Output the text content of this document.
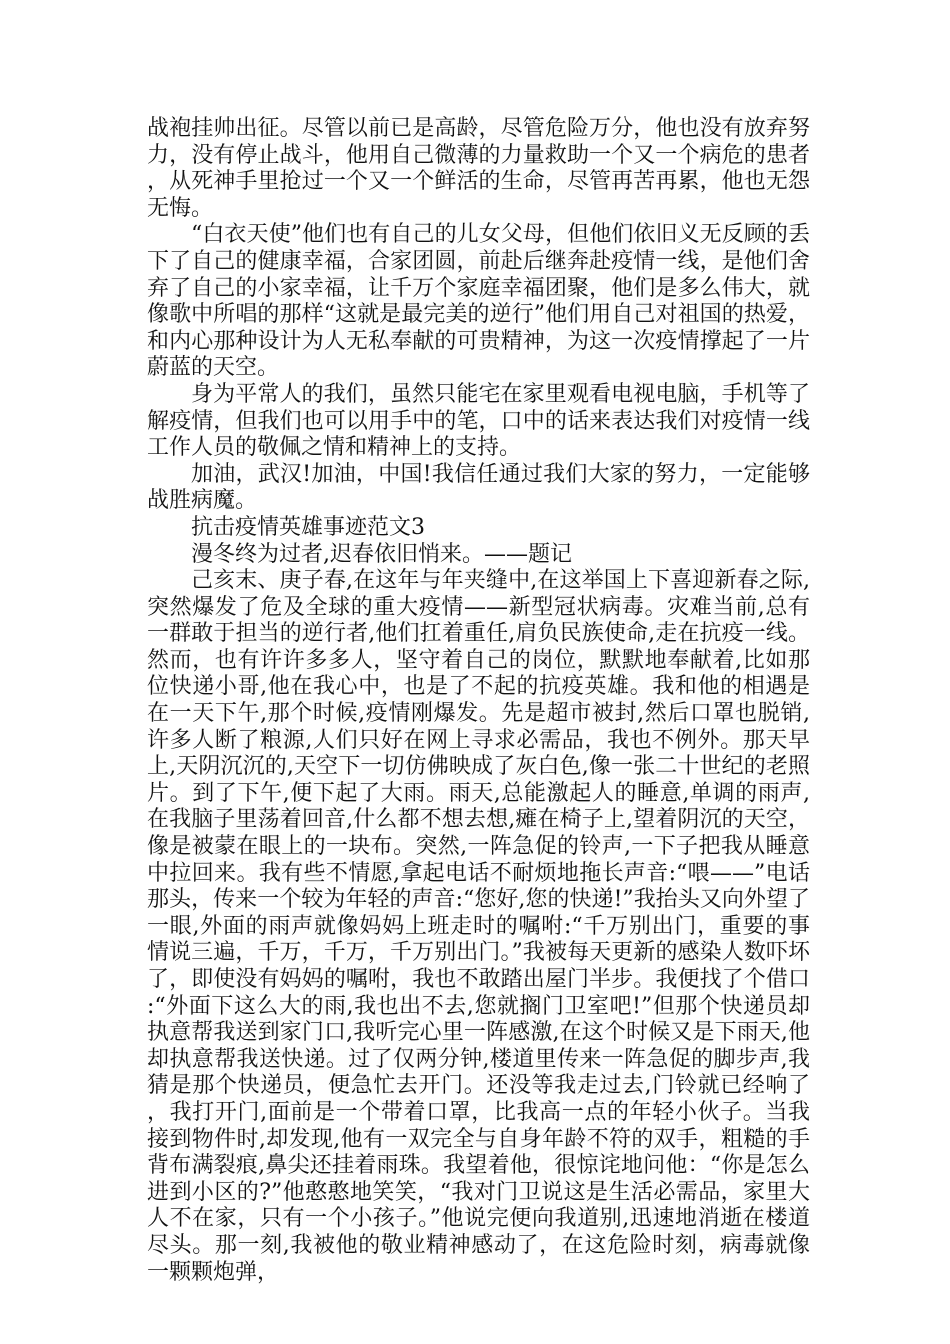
战袍挂帅出征。尽管以前已是高龄，尽管危险万分，他也没有放弃努力，没有停止战斗，他用自己微薄的力量救助一个又一个病危的患者，从死神手里抢过一个又一个鲜活的生命，尽管再苦再累，他也无怨无悔。

“白衣天使”他们也有自己的儿女父母，但他们依旧义无反顾的丢下了自己的健康幸福，合家团圆，前赴后继奔赴疫情一线，是他们舍弃了自己的小家幸福，让千万个家庭幸福团聚，他们是多么伟大，就像歌中所唱的那样“这就是最完美的逆行”他们用自己对祖国的热爱，和内心那种设计为人无私奉献的可贵精神，为这一次疫情撑起了一片蔚蓝的天空。

身为平常人的我们，虽然只能宅在家里观看电视电脑，手机等了解疫情，但我们也可以用手中的笔，口中的话来表达我们对疫情一线工作人员的敬佩之情和精神上的支持。

加油，武汉!加油，中国!我信任通过我们大家的努力，一定能够战胜病魔。

抗击疫情英雄事迹范文3

漫冬终为过者,迟春依旧悄来。——题记

己亥末、庚子春,在这年与年夹缝中,在这举国上下喜迎新春之际,突然爆发了危及全球的重大疫情——新型冠状病毒。灾难当前,总有一群敢于担当的逆行者,他们扛着重任,肩负民族使命,走在抗疫一线。然而，也有许许多多人，坚守着自己的岗位，默默地奉献着,比如那位快递小哥,他在我心中，也是了不起的抗疫英雄。我和他的相遇是在一天下午,那个时候,疫情刚爆发。先是超市被封,然后口罩也脱销,许多人断了粮源,人们只好在网上寻求必需品，我也不例外。那天早上,天阴沉沉的,天空下一切仿佛映成了灰白色,像一张二十世纪的老照片。到了下午,便下起了大雨。雨天,总能激起人的睡意,单调的雨声,在我脑子里荡着回音,什么都不想去想,瘫在椅子上,望着阴沉的天空，像是被蒙在眼上的一块布。突然,一阵急促的铃声,一下子把我从睡意中拉回来。我有些不情愿,拿起电话不耐烦地拖长声音:“喂——”电话那头，传来一个较为年轻的声音:“您好,您的快递!”我抬头又向外望了一眼,外面的雨声就像妈妈上班走时的嘱咐:“千万别出门，重要的事情说三遍，千万，千万，千万别出门。”我被每天更新的感染人数吓坏了，即使没有妈妈的嘱咐，我也不敢踏出屋门半步。我便找了个借口:“外面下这么大的雨,我也出不去,您就搁门卫室吧!”但那个快递员却执意帮我送到家门口,我听完心里一阵感激,在这个时候又是下雨天,他却执意帮我送快递。过了仅两分钟,楼道里传来一阵急促的脚步声,我猜是那个快递员，便急忙去开门。还没等我走过去,门铃就已经响了，我打开门,面前是一个带着口罩，比我高一点的年轻小伙子。当我接到物件时,却发现,他有一双完全与自身年龄不符的双手，粗糙的手背布满裂痕,鼻尖还挂着雨珠。我望着他，很惊诧地问他：“你是怎么进到小区的?”他憨憨地笑笑，“我对门卫说这是生活必需品，家里大人不在家，只有一个小孩子。”他说完便向我道别,迅速地消逝在楼道尽头。那一刻,我被他的敬业精神感动了，在这危险时刻，病毒就像一颗颗炮弹，
